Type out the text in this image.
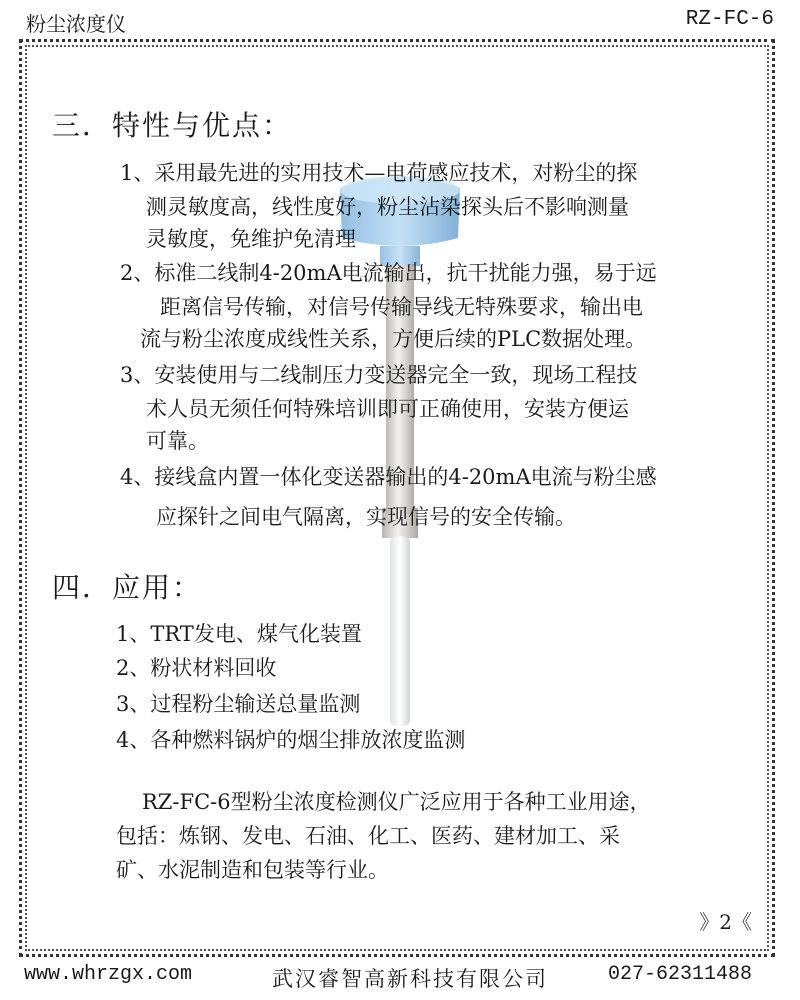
粉尘浓度仪	RZ-FC-6
三．特性与优点：
1、采用最先进的实用技术—电荷感应技术，对粉尘的探
测灵敏度高，线性度好，粉尘沾染探头后不影响测量
灵敏度，免维护免清理
2、标准二线制4-20mA电流输出，抗干扰能力强，易于远
距离信号传输，对信号传输导线无特殊要求，输出电
流与粉尘浓度成线性关系，方便后续的PLC数据处理。
3、安装使用与二线制压力变送器完全一致，现场工程技
术人员无须任何特殊培训即可正确使用，安装方便运
可靠。
4、接线盒内置一体化变送器输出的4-20mA电流与粉尘感
应探针之间电气隔离，实现信号的安全传输。
四．应用：
1、TRT发电、煤气化装置
2、粉状材料回收
3、过程粉尘输送总量监测
4、各种燃料锅炉的烟尘排放浓度监测
RZ-FC-6型粉尘浓度检测仪广泛应用于各种工业用途，
包括：炼钢、发电、石油、化工、医药、建材加工、采
矿、水泥制造和包装等行业。
》2《
www.whrzgx.com	武汉睿智高新科技有限公司	027-62311488
